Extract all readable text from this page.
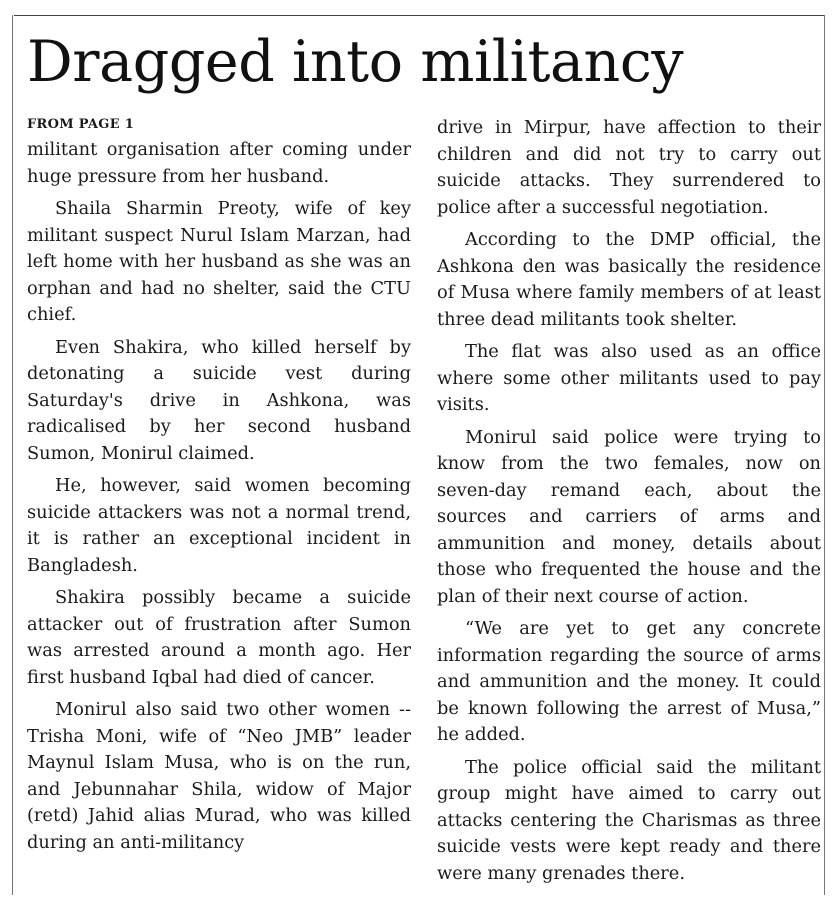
Dragged into militancy
FROM PAGE 1

militant organisation after coming under huge pressure from her husband.

Shaila Sharmin Preoty, wife of key militant suspect Nurul Islam Marzan, had left home with her husband as she was an orphan and had no shelter, said the CTU chief.

Even Shakira, who killed herself by detonating a suicide vest during Saturday's drive in Ashkona, was radicalised by her second husband Sumon, Monirul claimed.

He, however, said women becoming suicide attackers was not a normal trend, it is rather an exceptional incident in Bangladesh.

Shakira possibly became a suicide attacker out of frustration after Sumon was arrested around a month ago. Her first husband Iqbal had died of cancer.

Monirul also said two other women -- Trisha Moni, wife of “Neo JMB” leader Maynul Islam Musa, who is on the run, and Jebunnahar Shila, widow of Major (retd) Jahid alias Murad, who was killed during an anti-militancy

drive in Mirpur, have affection to their children and did not try to carry out suicide attacks. They surrendered to police after a successful negotiation.

According to the DMP official, the Ashkona den was basically the residence of Musa where family members of at least three dead militants took shelter.

The flat was also used as an office where some other militants used to pay visits.

Monirul said police were trying to know from the two females, now on seven-day remand each, about the sources and carriers of arms and ammunition and money, details about those who frequented the house and the plan of their next course of action.

“We are yet to get any concrete information regarding the source of arms and ammunition and the money. It could be known following the arrest of Musa,” he added.

The police official said the militant group might have aimed to carry out attacks centering the Charismas as three suicide vests were kept ready and there were many grenades there.
